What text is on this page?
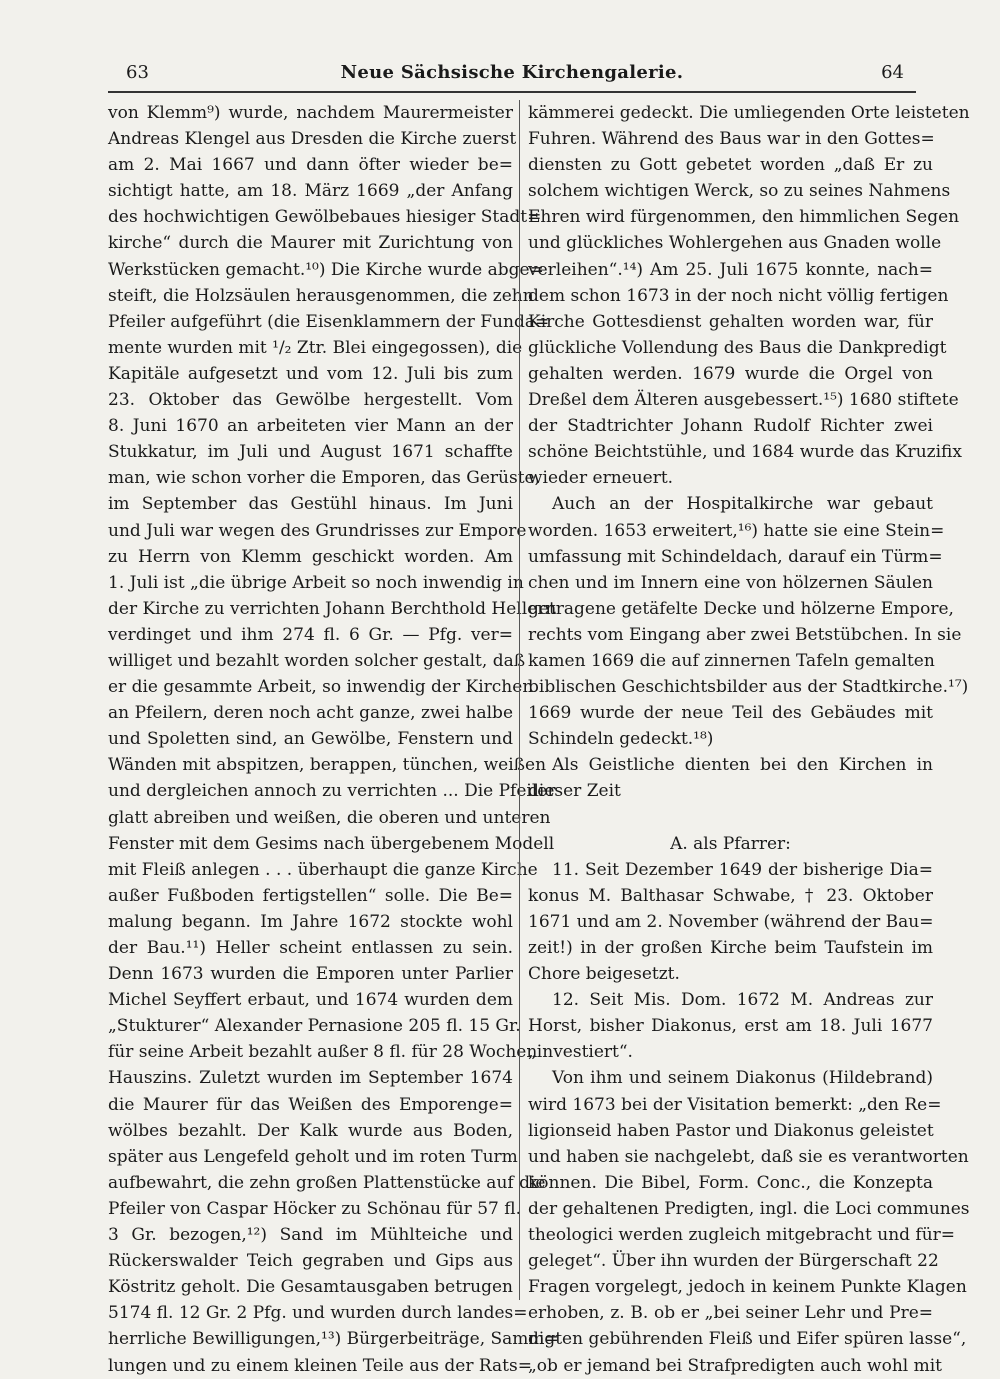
63	Neue Sächsische Kirchengalerie.	64
von Klemm⁹) wurde, nachdem Maurermeister
Andreas Klengel aus Dresden die Kirche zuerst
am 2. Mai 1667 und dann öfter wieder be=
sichtigt hatte, am 18. März 1669 „der Anfang
des hochwichtigen Gewölbebaues hiesiger Stadt=
kirche“ durch die Maurer mit Zurichtung von
Werkstücken gemacht.¹⁰) Die Kirche wurde abge=
steift, die Holzsäulen herausgenommen, die zehn
Pfeiler aufgeführt (die Eisenklammern der Funda=
mente wurden mit ¹/₂ Ztr. Blei eingegossen), die
Kapitäle aufgesetzt und vom 12. Juli bis zum
23. Oktober das Gewölbe hergestellt. Vom
8. Juni 1670 an arbeiteten vier Mann an der
Stukkatur, im Juli und August 1671 schaffte
man, wie schon vorher die Emporen, das Gerüste,
im September das Gestühl hinaus. Im Juni
und Juli war wegen des Grundrisses zur Empore
zu Herrn von Klemm geschickt worden. Am
1. Juli ist „die übrige Arbeit so noch inwendig in
der Kirche zu verrichten Johann Berchthold Hellern
verdinget und ihm 274 fl. 6 Gr. — Pfg. ver=
williget und bezahlt worden solcher gestalt, daß
er die gesammte Arbeit, so inwendig der Kirchen
an Pfeilern, deren noch acht ganze, zwei halbe
und Spoletten sind, an Gewölbe, Fenstern und
Wänden mit abspitzen, berappen, tünchen, weißen
und dergleichen annoch zu verrichten ... Die Pfeiler
glatt abreiben und weißen, die oberen und unteren
Fenster mit dem Gesims nach übergebenem Modell
mit Fleiß anlegen . . . überhaupt die ganze Kirche
außer Fußboden fertigstellen“ solle. Die Be=
malung begann. Im Jahre 1672 stockte wohl
der Bau.¹¹) Heller scheint entlassen zu sein.
Denn 1673 wurden die Emporen unter Parlier
Michel Seyffert erbaut, und 1674 wurden dem
„Stukturer“ Alexander Pernasione 205 fl. 15 Gr.
für seine Arbeit bezahlt außer 8 fl. für 28 Wochen
Hauszins. Zuletzt wurden im September 1674
die Maurer für das Weißen des Emporenge=
wölbes bezahlt. Der Kalk wurde aus Boden,
später aus Lengefeld geholt und im roten Turm
aufbewahrt, die zehn großen Plattenstücke auf die
Pfeiler von Caspar Höcker zu Schönau für 57 fl.
3 Gr. bezogen,¹²) Sand im Mühlteiche und
Rückerswalder Teich gegraben und Gips aus
Köstritz geholt. Die Gesamtausgaben betrugen
5174 fl. 12 Gr. 2 Pfg. und wurden durch landes=
herrliche Bewilligungen,¹³) Bürgerbeiträge, Samm=
lungen und zu einem kleinen Teile aus der Rats=
kämmerei gedeckt. Die umliegenden Orte leisteten
Fuhren. Während des Baus war in den Gottes=
diensten zu Gott gebetet worden „daß Er zu
solchem wichtigen Werck, so zu seines Nahmens
Ehren wird fürgenommen, den himmlichen Segen
und glückliches Wohlergehen aus Gnaden wolle
verleihen“.¹⁴) Am 25. Juli 1675 konnte, nach=
dem schon 1673 in der noch nicht völlig fertigen
Kirche Gottesdienst gehalten worden war, für
glückliche Vollendung des Baus die Dankpredigt
gehalten werden. 1679 wurde die Orgel von
Dreßel dem Älteren ausgebessert.¹⁵) 1680 stiftete
der Stadtrichter Johann Rudolf Richter zwei
schöne Beichtstühle, und 1684 wurde das Kruzifix
wieder erneuert.
Auch an der Hospitalkirche war gebaut
worden. 1653 erweitert,¹⁶) hatte sie eine Stein=
umfassung mit Schindeldach, darauf ein Türm=
chen und im Innern eine von hölzernen Säulen
getragene getäfelte Decke und hölzerne Empore,
rechts vom Eingang aber zwei Betstübchen. In sie
kamen 1669 die auf zinnernen Tafeln gemalten
biblischen Geschichtsbilder aus der Stadtkirche.¹⁷)
1669 wurde der neue Teil des Gebäudes mit
Schindeln gedeckt.¹⁸)
Als Geistliche dienten bei den Kirchen in
dieser Zeit
A. als Pfarrer:
11. Seit Dezember 1649 der bisherige Dia=
konus M. Balthasar Schwabe, † 23. Oktober
1671 und am 2. November (während der Bau=
zeit!) in der großen Kirche beim Taufstein im
Chore beigesetzt.
12. Seit Mis. Dom. 1672 M. Andreas zur
Horst, bisher Diakonus, erst am 18. Juli 1677
„investiert“.
Von ihm und seinem Diakonus (Hildebrand)
wird 1673 bei der Visitation bemerkt: „den Re=
ligionseid haben Pastor und Diakonus geleistet
und haben sie nachgelebt, daß sie es verantworten
können. Die Bibel, Form. Conc., die Konzepta
der gehaltenen Predigten, ingl. die Loci communes
theologici werden zugleich mitgebracht und für=
geleget“. Über ihn wurden der Bürgerschaft 22
Fragen vorgelegt, jedoch in keinem Punkte Klagen
erhoben, z. B. ob er „bei seiner Lehr und Pre=
digten gebührenden Fleiß und Eifer spüren lasse“,
„ob er jemand bei Strafpredigten auch wohl mit
